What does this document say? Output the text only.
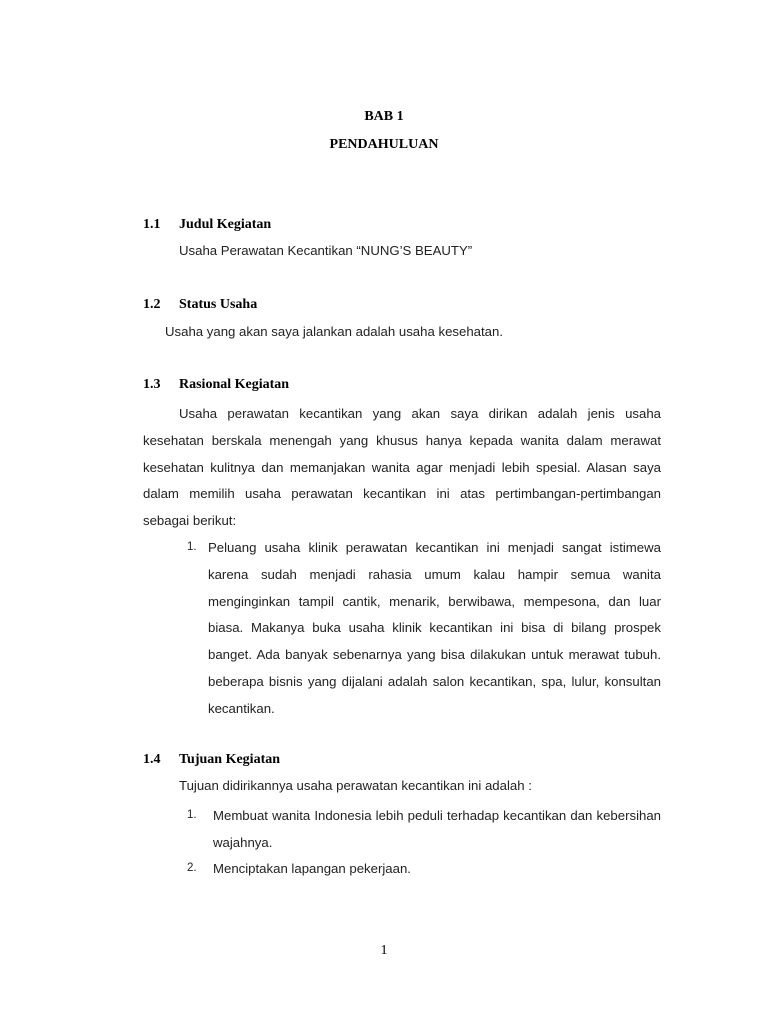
BAB 1
PENDAHULUAN
1.1 Judul Kegiatan
Usaha Perawatan Kecantikan “NUNG’S BEAUTY”
1.2 Status Usaha
Usaha yang akan saya jalankan adalah usaha kesehatan.
1.3 Rasional Kegiatan
Usaha perawatan kecantikan yang akan saya dirikan adalah jenis usaha kesehatan berskala menengah yang khusus hanya kepada wanita dalam merawat kesehatan kulitnya dan memanjakan wanita agar menjadi lebih spesial. Alasan saya dalam memilih usaha perawatan kecantikan ini atas pertimbangan-pertimbangan sebagai berikut:
1. Peluang usaha klinik perawatan kecantikan ini menjadi sangat istimewa karena sudah menjadi rahasia umum kalau hampir semua wanita menginginkan tampil cantik, menarik, berwibawa, mempesona, dan luar biasa. Makanya buka usaha klinik kecantikan ini bisa di bilang prospek banget. Ada banyak sebenarnya yang bisa dilakukan untuk merawat tubuh. beberapa bisnis yang dijalani adalah salon kecantikan, spa, lulur, konsultan kecantikan.
1.4 Tujuan Kegiatan
Tujuan didirikannya usaha perawatan kecantikan ini adalah :
1. Membuat wanita Indonesia lebih peduli terhadap kecantikan dan kebersihan wajahnya.
2. Menciptakan lapangan pekerjaan.
1
